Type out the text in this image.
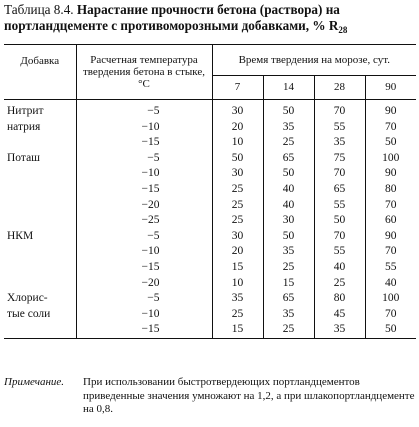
Таблица 8.4. Нарастание прочности бетона (раствора) на портландцементе с противоморозными добавками, % $R_{28}$
Добавка	Расчетная температура твердения бетона в стыке, °С	Время твердения на морозе, сут.			
		7	14	28	90
Нитрит	−5	30	50	70	90
натрия	−10	20	35	55	70
	−15	10	25	35	50
Поташ	−5	50	65	75	100
	−10	30	50	70	90
	−15	25	40	65	80
	−20	25	40	55	70
	−25	25	30	50	60
НКМ	−5	30	50	70	90
	−10	20	35	55	70
	−15	15	25	40	55
	−20	10	15	25	40
Хлорис-	−5	35	65	80	100
тые соли	−10	25	35	45	70
	−15	15	25	35	50
Примечание. При использовании быстротвердеющих портландцементов приведенные значения умножают на 1,2, а при шлакопортландцементе на 0,8.
